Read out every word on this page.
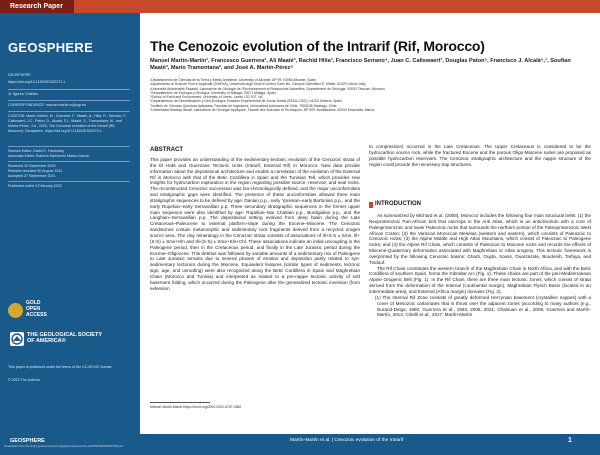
Research Paper
GEOSPHERE
GEOSPHERE
https://doi.org/10.1130/GES02374.1
11 figures; 5 tables
CORRESPONDENCE: manuel.martin.m@ugr.es
CITATION: Martín-Martín, M., Guerrera, F., Maaté, A., Hlila, R., Serrano, F., Caliswaert, J.C., Paton, D., Alcalá, F.J., Maaté, S., Tramontana, M., and Martín-Pérez, J.A., 2022, The Cenozoic evolution of the Intrarif (Rif, Morocco): Geosphere, https://doi.org/10.1130/GES02374.1
Science Editor: David E. Fastovsky
Associate Editor: Roberto Sarmiento Matos-Garcia
Received 10 September 2019
Revision received 30 August 2021
Accepted 27 September 2021
Published online 3 February 2022
GOLD
OPEN
ACCESS
THE GEOLOGICAL SOCIETY
OF AMERICA®
This paper is published under the terms of the CC-BY-NC license.
© 2022 The Authors
The Cenozoic evolution of the Intrarif (Rif, Morocco)
Manuel Martín-Martín¹, Francesco Guerrera², Ali Maaté³, Rachid Hlila³, Francisco Serrano⁴, Juan C. Caliswaert¹, Douglas Paton⁵, Francisco J. Alcalá⁶,⁷, Soufian Maaté³, Mario Tramontana², and José A. Martín-Pérez⁸
¹Departamento de Ciencias de la Tierra y Medio Ambiente, University of Alicante, AP 99, 03080 Alicante, Spain
²Dipartimento di Scienze Pure e Applicate (DiSPeA), Università degli Studi di Urbino Carlo Bo, Campus Scientifico E. Mattei, 61029 Urbino, Italy
³Université Abdelmalek Essaadi, Laboratoire de Géologie de l'Environnement et Ressources Naturelles, Département de Géologie, 93030 Tétouan, Morocco
⁴Departamento de Ecología y Geología, University of Málaga, 29071 Málaga, Spain
⁵School of Earth and Environment, University of Leeds, Leeds LS2 9JT, UK
⁶Departamento de Desertificación y Geo-Ecología, Estación Experimental de Zonas Áridas (EEZA-CSIC), 04120 Almería, Spain
⁷Instituto de Ciencias Químicas Aplicadas, Facultad de Ingeniería, Universidad Autónoma de Chile, 7500138 Santiago, Chile
⁸Universidad Mackay Ismail, Laboratoire de Géologie Appliquée, Faculté des Sciences et Techniques, BP 509, Boutalamine, 52000 Errachidia, Maroc
ABSTRACT
This paper provides an understanding of the sedimentary-tectonic evolution of the Cenozoic strata of the El Habt and Ouezzane Tectonic Units (Intrarif, External Rif) in Morocco. New data provide information about the depositional architecture and enable a correlation of the evolution of the External Rif in Morocco with that of the Betic Cordillera in Spain and the Tunisian Tell, which provides new insights for hydrocarbon exploration in the region regarding possible source, reservoir, and seal rocks. The reconstructed Cenozoic succession was bio-chronologically defined, and the major unconformities and stratigraphic gaps were identified. The presence of these unconformities allowed three main stratigraphic sequences to be defined by age: Danian p.p., early Ypresian–early Bartonian p.p., and the early Rupelian–early Serravallian p.p. Three secondary stratigraphic sequences in the former upper main sequence were also identified by age: Rupelian–late Chattian p.p., Burdigalian p.p., and the Langhian–Serravallian p.p. The depositional setting evolved from deep basin during the Late Cretaceous–Paleocene to external platform-slope during the Eocene–Miocene. The Cenozoic sandstones contain metamorphic and sedimentary rock fragments derived from a recycled orogen source area. The clay mineralogy in the Cenozoic strata consists of associations of Ill+S-S ± Sme, Ill+(S-S) ± Sme+Kln and Ill+(S-S) ± Sme+Kln+Chl. These associations indicate an initial uncoupling in the Paleogene period, then in the Cretaceous period, and finally in the Late Jurassic period during the Eocene–Oligocene. This detritus was followed by variable amounts of a sedimentary mix of Paleogene to Late Jurassic terrains due to several phases of erosion and deposition partly related to syn-sedimentary tectonics during the Miocene. Equivalent features (similar types of sediments, tectonic sign, age, and unroofing) were also recognized along the Betic Cordillera in Spain and Maghrebian Chain (Morocco and Tunisia) and interpreted as related to a pre-nappe tectonic activity of soft basement folding, which occurred during the Paleogene after the generalized tectonic inversion (from extension
to compression) occurred in the Late Cretaceous. The Upper Cretaceous is considered to be the hydrocarbon source rock, while the fractured Eocene and the porous Oligo-Miocene suites are proposed as possible hydrocarbon reservoirs. The Cenozoic stratigraphic architecture and the nappe structure of the region could provide the necessary trap structures.
INTRODUCTION
As summarized by Michard et al. (2008), Morocco includes the following four main structural belts: (1) the Neoproterozoic Pan-African belt that outcrops in the Anti Atlas, which is an anticlinorium with a core of Paleoproterozoic and lower Paleozoic rocks that surrounds the northern portion of the Paleoproterozoic West African Craton; (2) the Variscan Moroccan Mesetas (western and eastern), which consists of Paleozoic to Cenozoic rocks; (3) the Alpine Middle and High Atlas Mountains, which consist of Paleozoic to Paleogene rocks; and (4) the Alpine Rif Chain, which consists of Paleozoic to Miocene rocks and records the effects of Miocene-Quaternary deformation associated with Maghrebian or Atlas orogeny. This tectonic framework is overprinted by the following Cenozoic basins: Gharb, Oujda, Souss, Ouarzazate, Boudenib, Tarfaya, and Tindouf.
The Rif Chain constitutes the western branch of the Maghrebian Chain in North Africa, and with the Betic Cordillera of southern Spain, forms the Gibraltar Arc (Fig. 1). These chains are part of the peri-Mediterranean Alpine Orogenic Belt (Fig. 1). In the Rif Chain, there are three main tectonic zones, which consist of strata derived from the deformation of the Internal (continental margin), Maghrebian Flysch Basin (located in an intermediate area), and External (Africa margin) domains (Fig. 2).
(1) The Internal Rif Zone consists of greatly deformed Hercynian basement (crystalline nappes) with a cover of Mesozoic carbonates that is thrust over the adjacent zones (according to many authors (e.g., Durand-Delga, 1980; Guerrera et al., 1993, 2005, 2021; Chalouan et al., 2008, Guerrera and Martín-Martín, 2014; Critelli et al., 2017; Martín-Martín
Manuel Martín-Martín https://orcid.org/0000-0002-5787-0882
GEOSPHERE	Martín-Martín et al. | Cenozoic evolution of the Intrarif	1
Downloaded from http://pubs.geoscienceworld.org/gsa/geosphere/article-pdf/18/2/598/5538097/598.pdf
